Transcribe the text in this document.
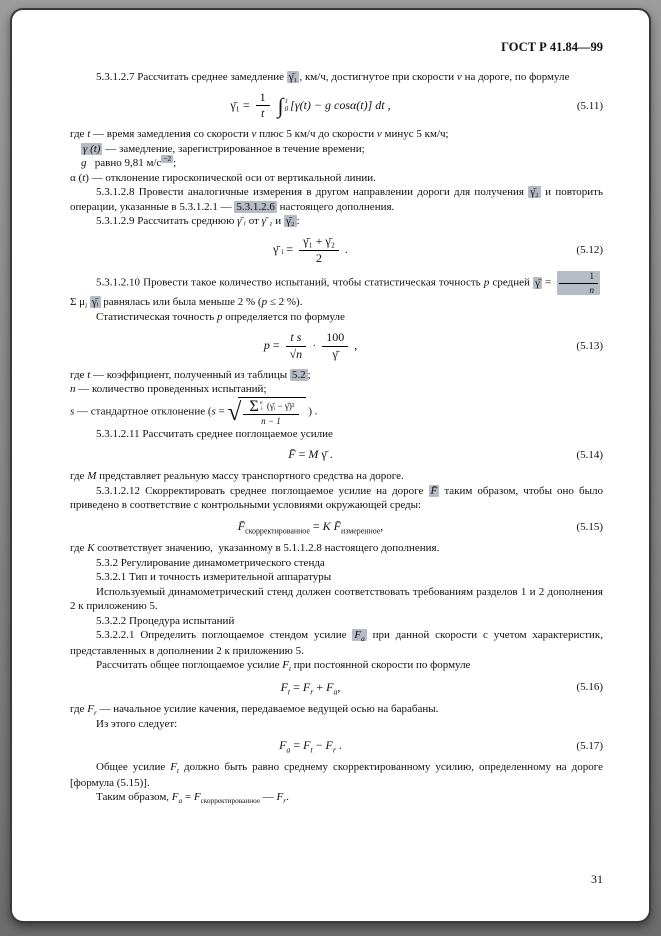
ГОСТ Р 41.84—99
5.3.1.2.7 Рассчитать среднее замедление γ̄₁ , км/ч, достигнутое при скорости v на дороге, по формуле
γ̄₁ = $\frac{1}{t}$
∫ t
0 [γ(t) − g cosα(t)] dt ,	(5.11)
где t — время замедления со скорости v плюс 5 км/ч до скорости v минус 5 км/ч;
γ (t) — замедление, зарегистрированное в течение времени;
g   равно 9,81 м/с $^{-2}$ ;
α (t) — отклонение гироскопической оси от вертикальной линии.
5.3.1.2.8 Провести аналогичные измерения в другом направлении дороги для получения γ̄₂ и повторить операции, указанные в 5.3.1.2.1 — 5.3.1.2.6 настоящего дополнения.
5.3.1.2.9 Рассчитать среднюю γ̄ ᵢ от γ̄ ₁ и γ̄₂ :
γ̄ ᵢ = $\frac{\text{γ̄₁ + γ̄₂}}{2}$ .	(5.12)
5.3.1.2.10 Провести такое количество испытаний, чтобы статистическая точность p средней γ̄ = $\frac{1}{n}$
Σ $\mu_i$ γ̄ᵢ равнялась или была меньше 2 % (p ≤ 2 %).
Статистическая точность p определяется по формуле
$p = \frac{\text{t s}}{√n} \cdot \frac{100}{\gammā}$ ,	(5.13)
где t — коэффициент, полученный из таблицы 5.2 ;
n — количество проведенных испытаний;
s — стандартное отклонение (s = √ Σ n
i (γ̄ᵢ − γ̄)²
n − 1 ) .
5.3.1.2.11 Рассчитать среднее поглощаемое усилие
F̄ = M γ̄ .	(5.14)
где M представляет реальную массу транспортного средства на дороге.
5.3.1.2.12 Скорректировать среднее поглощаемое усилие на дороге F̄ таким образом, чтобы оно было приведено в соответствие с контрольными условиями окружающей среды:
$F̄_{скорректированное} = K$ $F̄_{измеренное}$,	(5.15)
где K соответствует значению,  указанному в 5.1.1.2.8 настоящего дополнения.
5.3.2 Регулирование динамометрического стенда
5.3.2.1 Тип и точность измерительной аппаратуры
Используемый динамометрический стенд должен соответствовать требованиям разделов 1 и 2 дополнения 2 к приложению 5.
5.3.2.2 Процедура испытаний
5.3.2.2.1 Определить поглощаемое стендом усилие $F_a$ при данной скорости с учетом характеристик, представленных в дополнении 2 к приложению 5.
Рассчитать общее поглощаемое усилие $F_t$ при постоянной скорости по формуле
$F_t = F_r + F_a$,	(5.16)
где $F_r$ — начальное усилие качения, передаваемое ведущей осью на барабаны.
Из этого следует:
$F_a = F_t - F_r$ .	(5.17)
Общее усилие $F_t$ должно быть равно среднему скорректированному усилию, определенному на дороге [формула (5.15)].
Таким образом, $F_a = F_{скорректированное}$ — $F_r$.
31
